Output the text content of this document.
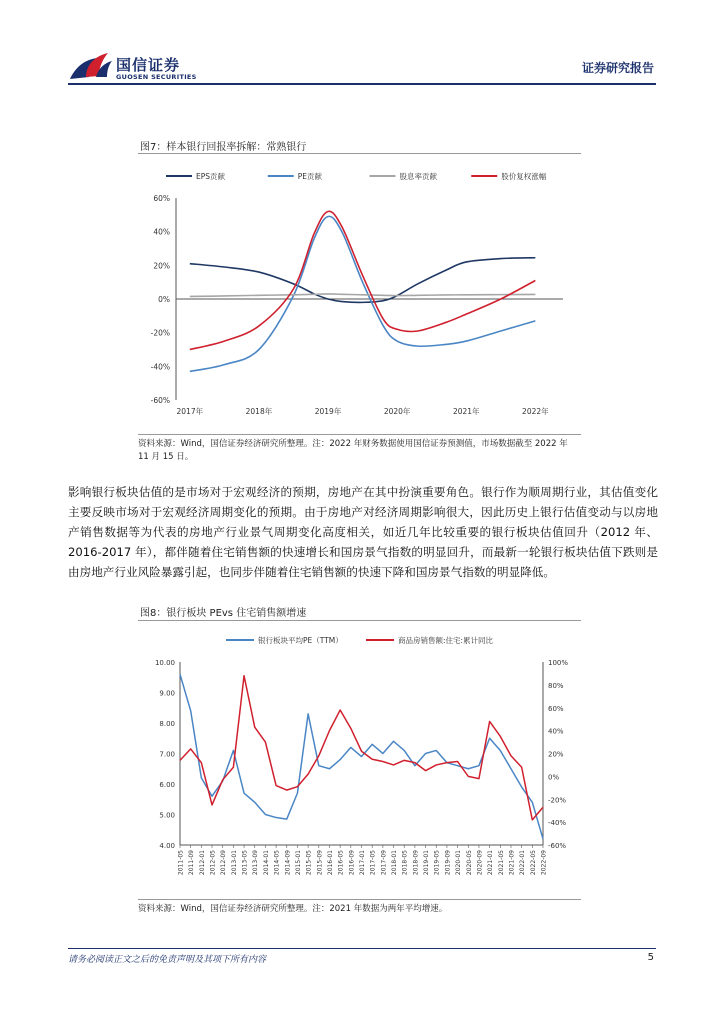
国信证券
GUOSEN SECURITIES
证券研究报告
图7：样本银行回报率拆解：常熟银行
EPS贡献	PE贡献	股息率贡献	股价复权涨幅
60%
40%
20%
0%
-20%
-40%
-60%
2017年	2018年	2019年	2020年	2021年	2022年
资料来源：Wind，国信证券经济研究所整理。注：2022 年财务数据使用国信证券预测值，市场数据截至 2022 年 11 月 15 日。
影响银行板块估值的是市场对于宏观经济的预期，房地产在其中扮演重要角色。银行作为顺周期行业，其估值变化主要反映市场对于宏观经济周期变化的预期。由于房地产对经济周期影响很大，因此历史上银行估值变动与以房地产销售数据等为代表的房地产行业景气周期变化高度相关，如近几年比较重要的银行板块估值回升（2012 年、2016-2017 年），都伴随着住宅销售额的快速增长和国房景气指数的明显回升，而最新一轮银行板块估值下跌则是由房地产行业风险暴露引起，也同步伴随着住宅销售额的快速下降和国房景气指数的明显降低。
图8：银行板块 PEvs 住宅销售额增速
银行板块平均PE（TTM）	商品房销售额:住宅:累计同比
10.00
9.00
8.00
7.00
6.00
5.00
4.00
100%
80%
60%
40%
20%
0%
-20%
-40%
-60%
2011-05 2011-09 2012-01 2012-05 2012-09 2013-01 2013-05 2013-09 2014-01 2014-05 2014-09 2015-01 2015-05 2015-09 2016-01 2016-05 2016-09 2017-01 2017-05 2017-09 2018-01 2018-05 2018-09 2019-01 2019-05 2019-09 2020-01 2020-05 2020-09 2021-01 2021-05 2021-09 2022-01 2022-05 2022-09
资料来源：Wind，国信证券经济研究所整理。注：2021 年数据为两年平均增速。
请务必阅读正文之后的免责声明及其项下所有内容	5
